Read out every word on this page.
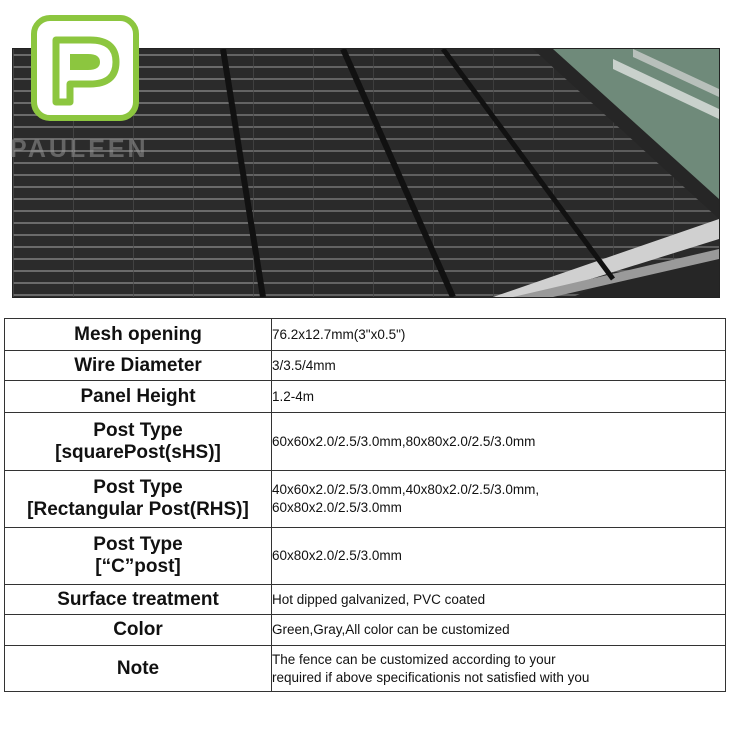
PAULEEN
Mesh opening	76.2x12.7mm(3"x0.5")

Wire Diameter	3/3.5/4mm

Panel Height	1.2-4m

Post Type
[squarePost(sHS)]	60x60x2.0/2.5/3.0mm,80x80x2.0/2.5/3.0mm

Post Type
[Rectangular Post(RHS)]	40x60x2.0/2.5/3.0mm,40x80x2.0/2.5/3.0mm,
60x80x2.0/2.5/3.0mm

Post Type
[“C”post]	60x80x2.0/2.5/3.0mm

Surface treatment	Hot dipped galvanized, PVC coated

Color	Green,Gray,All color can be customized

Note	The fence can be customized according to your
required if above specificationis not satisfied with you
